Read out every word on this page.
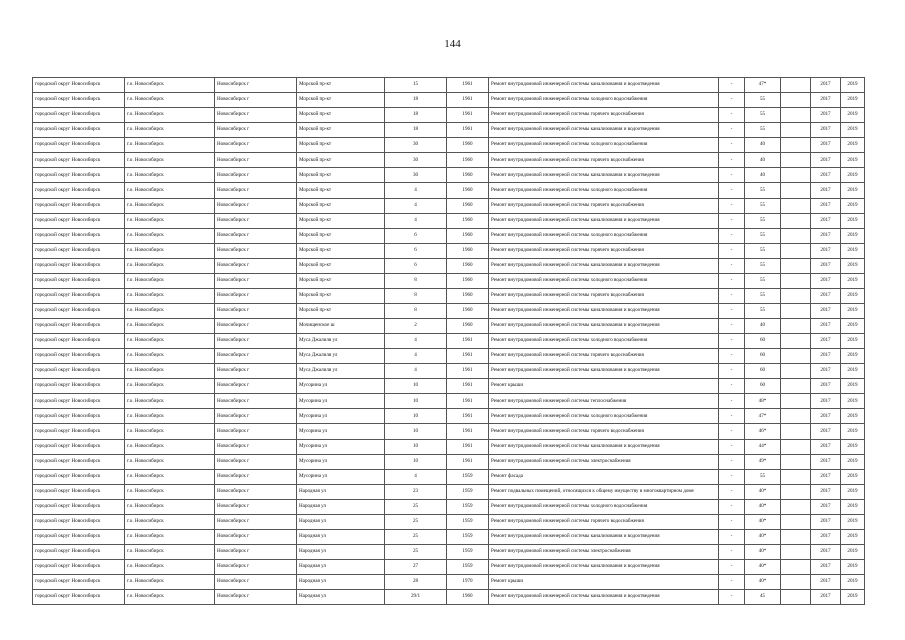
144
городской округ Новосибирск	г.о. Новосибирск	Новосибирск г	Морской пр-кт	15	1961	Ремонт внутридомовой инженерной системы канализования и водоотведения	-	47*		2017	2019
городской округ Новосибирск	г.о. Новосибирск	Новосибирск г	Морской пр-кт	18	1961	Ремонт внутридомовой инженерной системы холодного водоснабжения	-	55		2017	2019
городской округ Новосибирск	г.о. Новосибирск	Новосибирск г	Морской пр-кт	18	1961	Ремонт внутридомовой инженерной системы горячего водоснабжения	-	55		2017	2019
городской округ Новосибирск	г.о. Новосибирск	Новосибирск г	Морской пр-кт	18	1961	Ремонт внутридомовой инженерной системы канализования и водоотведения	-	55		2017	2019
городской округ Новосибирск	г.о. Новосибирск	Новосибирск г	Морской пр-кт	30	1960	Ремонт внутридомовой инженерной системы холодного водоснабжения	-	40		2017	2019
городской округ Новосибирск	г.о. Новосибирск	Новосибирск г	Морской пр-кт	30	1960	Ремонт внутридомовой инженерной системы горячего водоснабжения	-	40		2017	2019
городской округ Новосибирск	г.о. Новосибирск	Новосибирск г	Морской пр-кт	30	1960	Ремонт внутридомовой инженерной системы канализования и водоотведения	-	40		2017	2019
городской округ Новосибирск	г.о. Новосибирск	Новосибирск г	Морской пр-кт	4	1960	Ремонт внутридомовой инженерной системы холодного водоснабжения	-	55		2017	2019
городской округ Новосибирск	г.о. Новосибирск	Новосибирск г	Морской пр-кт	4	1960	Ремонт внутридомовой инженерной системы горячего водоснабжения	-	55		2017	2019
городской округ Новосибирск	г.о. Новосибирск	Новосибирск г	Морской пр-кт	4	1960	Ремонт внутридомовой инженерной системы канализования и водоотведения	-	55		2017	2019
городской округ Новосибирск	г.о. Новосибирск	Новосибирск г	Морской пр-кт	6	1960	Ремонт внутридомовой инженерной системы холодного водоснабжения	-	55		2017	2019
городской округ Новосибирск	г.о. Новосибирск	Новосибирск г	Морской пр-кт	6	1960	Ремонт внутридомовой инженерной системы горячего водоснабжения	-	55		2017	2019
городской округ Новосибирск	г.о. Новосибирск	Новосибирск г	Морской пр-кт	6	1960	Ремонт внутридомовой инженерной системы канализования и водоотведения	-	55		2017	2019
городской округ Новосибирск	г.о. Новосибирск	Новосибирск г	Морской пр-кт	8	1960	Ремонт внутридомовой инженерной системы холодного водоснабжения	-	55		2017	2019
городской округ Новосибирск	г.о. Новосибирск	Новосибирск г	Морской пр-кт	8	1960	Ремонт внутридомовой инженерной системы горячего водоснабжения	-	55		2017	2019
городской округ Новосибирск	г.о. Новосибирск	Новосибирск г	Морской пр-кт	8	1960	Ремонт внутридомовой инженерной системы канализования и водоотведения	-	55		2017	2019
городской округ Новосибирск	г.о. Новосибирск	Новосибирск г	Мочищенское ш	2	1960	Ремонт внутридомовой инженерной системы канализования и водоотведения	-	40		2017	2019
городской округ Новосибирск	г.о. Новосибирск	Новосибирск г	Муса Джалиля ул	4	1961	Ремонт внутридомовой инженерной системы холодного водоснабжения	-	60		2017	2019
городской округ Новосибирск	г.о. Новосибирск	Новосибирск г	Муса Джалиля ул	4	1961	Ремонт внутридомовой инженерной системы горячего водоснабжения	-	60		2017	2019
городской округ Новосибирск	г.о. Новосибирск	Новосибирск г	Муса Джалиля ул	4	1961	Ремонт внутридомовой инженерной системы канализования и водоотведения	-	60		2017	2019
городской округ Новосибирск	г.о. Новосибирск	Новосибирск г	Мусорина ул	10	1961	Ремонт крыши	-	60		2017	2019
городской округ Новосибирск	г.о. Новосибирск	Новосибирск г	Мусорина ул	10	1961	Ремонт внутридомовой инженерной системы теплоснабжения	-	48*		2017	2019
городской округ Новосибирск	г.о. Новосибирск	Новосибирск г	Мусорина ул	10	1961	Ремонт внутридомовой инженерной системы холодного водоснабжения	-	47*		2017	2019
городской округ Новосибирск	г.о. Новосибирск	Новосибирск г	Мусорина ул	10	1961	Ремонт внутридомовой инженерной системы горячего водоснабжения	-	46*		2017	2019
городской округ Новосибирск	г.о. Новосибирск	Новосибирск г	Мусорина ул	10	1961	Ремонт внутридомовой инженерной системы канализования и водоотведения	-	44*		2017	2019
городской округ Новосибирск	г.о. Новосибирск	Новосибирск г	Мусорина ул	10	1961	Ремонт внутридомовой инженерной системы электроснабжения	-	49*		2017	2019
городской округ Новосибирск	г.о. Новосибирск	Новосибирск г	Мусорина ул	4	1959	Ремонт фасада	-	55		2017	2019
городской округ Новосибирск	г.о. Новосибирск	Новосибирск г	Народная ул	23	1959	Ремонт подвальных помещений, относящихся к общему имуществу в многоквартирном доме	-	40*		2017	2019
городской округ Новосибирск	г.о. Новосибирск	Новосибирск г	Народная ул	25	1959	Ремонт внутридомовой инженерной системы холодного водоснабжения	-	40*		2017	2019
городской округ Новосибирск	г.о. Новосибирск	Новосибирск г	Народная ул	25	1959	Ремонт внутридомовой инженерной системы горячего водоснабжения	-	40*		2017	2019
городской округ Новосибирск	г.о. Новосибирск	Новосибирск г	Народная ул	25	1959	Ремонт внутридомовой инженерной системы канализования и водоотведения	-	40*		2017	2019
городской округ Новосибирск	г.о. Новосибирск	Новосибирск г	Народная ул	25	1959	Ремонт внутридомовой инженерной системы электроснабжения	-	40*		2017	2019
городской округ Новосибирск	г.о. Новосибирск	Новосибирск г	Народная ул	27	1959	Ремонт внутридомовой инженерной системы канализования и водоотведения	-	40*		2017	2019
городской округ Новосибирск	г.о. Новосибирск	Новосибирск г	Народная ул	28	1970	Ремонт крыши	-	40*		2017	2019
городской округ Новосибирск	г.о. Новосибирск	Новосибирск г	Народная ул	29/1	1960	Ремонт внутридомовой инженерной системы канализования и водоотведения	-	45		2017	2019
